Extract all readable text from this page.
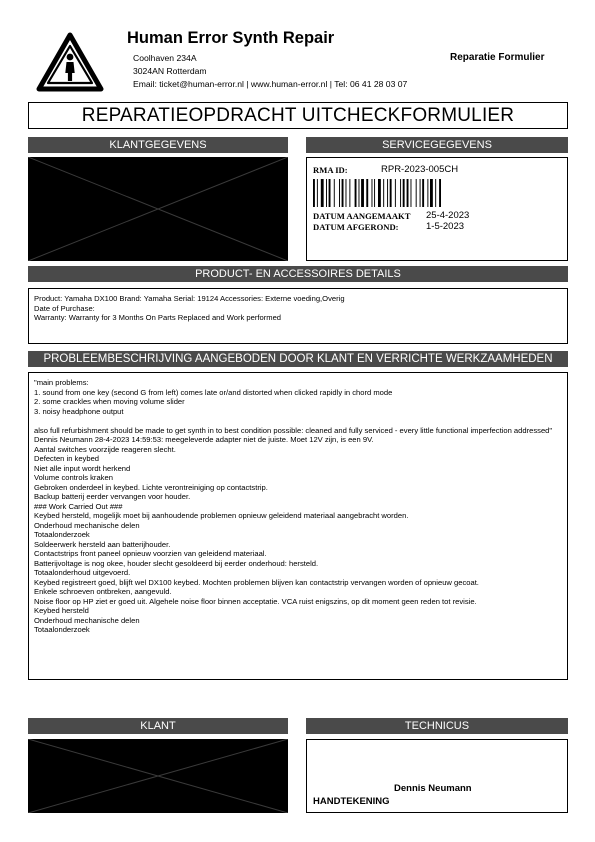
Human Error Synth Repair
Coolhaven 234A
3024AN Rotterdam
Email: ticket@human-error.nl | www.human-error.nl | Tel: 06 41 28 03 07
Reparatie Formulier
REPARATIEOPDRACHT UITCHECKFORMULIER
KLANTGEGEVENS	SERVICEGEGEVENS
RMA ID:	RPR-2023-005CH
DATUM AANGEMAAKT	25-4-2023
DATUM AFGEROND:	1-5-2023
PRODUCT- EN ACCESSOIRES DETAILS
Product: Yamaha DX100 Brand: Yamaha Serial: 19124 Accessories: Externe voeding,Overig
Date of Purchase:
Warranty: Warranty for 3 Months On Parts Replaced and Work performed
PROBLEEMBESCHRIJVING AANGEBODEN DOOR KLANT EN VERRICHTE WERKZAAMHEDEN
"main problems:
1. sound from one key (second G from left) comes late or/and distorted when clicked rapidly in chord mode
2. some crackles when moving volume slider
3. noisy headphone output

also full refurbishment should be made to get synth in to best condition possible: cleaned and fully serviced - every little functional imperfection addressed"
Dennis Neumann 28-4-2023 14:59:53: meegeleverde adapter niet de juiste. Moet 12V zijn, is een 9V.
Aantal switches voorzijde reageren slecht.
Defecten in keybed
Niet alle input wordt herkend
Volume controls kraken
Gebroken onderdeel in keybed. Lichte verontreiniging op contactstrip.
Backup batterij eerder vervangen voor houder.
### Work Carried Out ###
Keybed hersteld, mogelijk moet bij aanhoudende problemen opnieuw geleidend materiaal aangebracht worden.
Onderhoud mechanische delen
Totaalonderzoek
Soldeerwerk hersteld aan batterijhouder.
Contactstrips front paneel opnieuw voorzien van geleidend materiaal.
Batterijvoltage is nog okee, houder slecht gesoldeerd bij eerder onderhoud: hersteld.
Totaalonderhoud uitgevoerd.
Keybed registreert goed, blijft wel DX100 keybed. Mochten problemen blijven kan contactstrip vervangen worden of opnieuw gecoat.
Enkele schroeven ontbreken, aangevuld.
Noise floor op HP ziet er goed uit. Algehele noise floor binnen acceptatie. VCA ruist enigszins, op dit moment geen reden tot revisie.
Keybed hersteld
Onderhoud mechanische delen
Totaalonderzoek
KLANT	TECHNICUS
Dennis Neumann
HANDTEKENING
